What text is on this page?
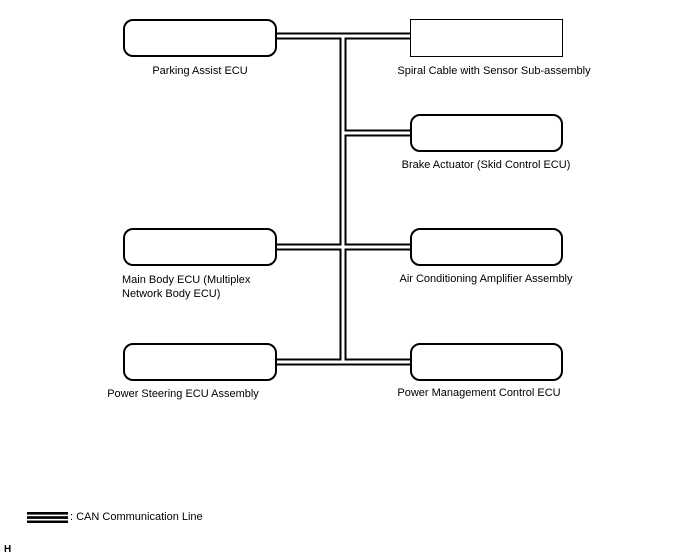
Parking Assist ECU	Spiral Cable with Sensor Sub-assembly
Brake Actuator (Skid Control ECU)
Main Body ECU (Multiplex
Network Body ECU)
Air Conditioning Amplifier Assembly
Power Steering ECU Assembly	Power Management Control ECU
: CAN Communication Line
H
